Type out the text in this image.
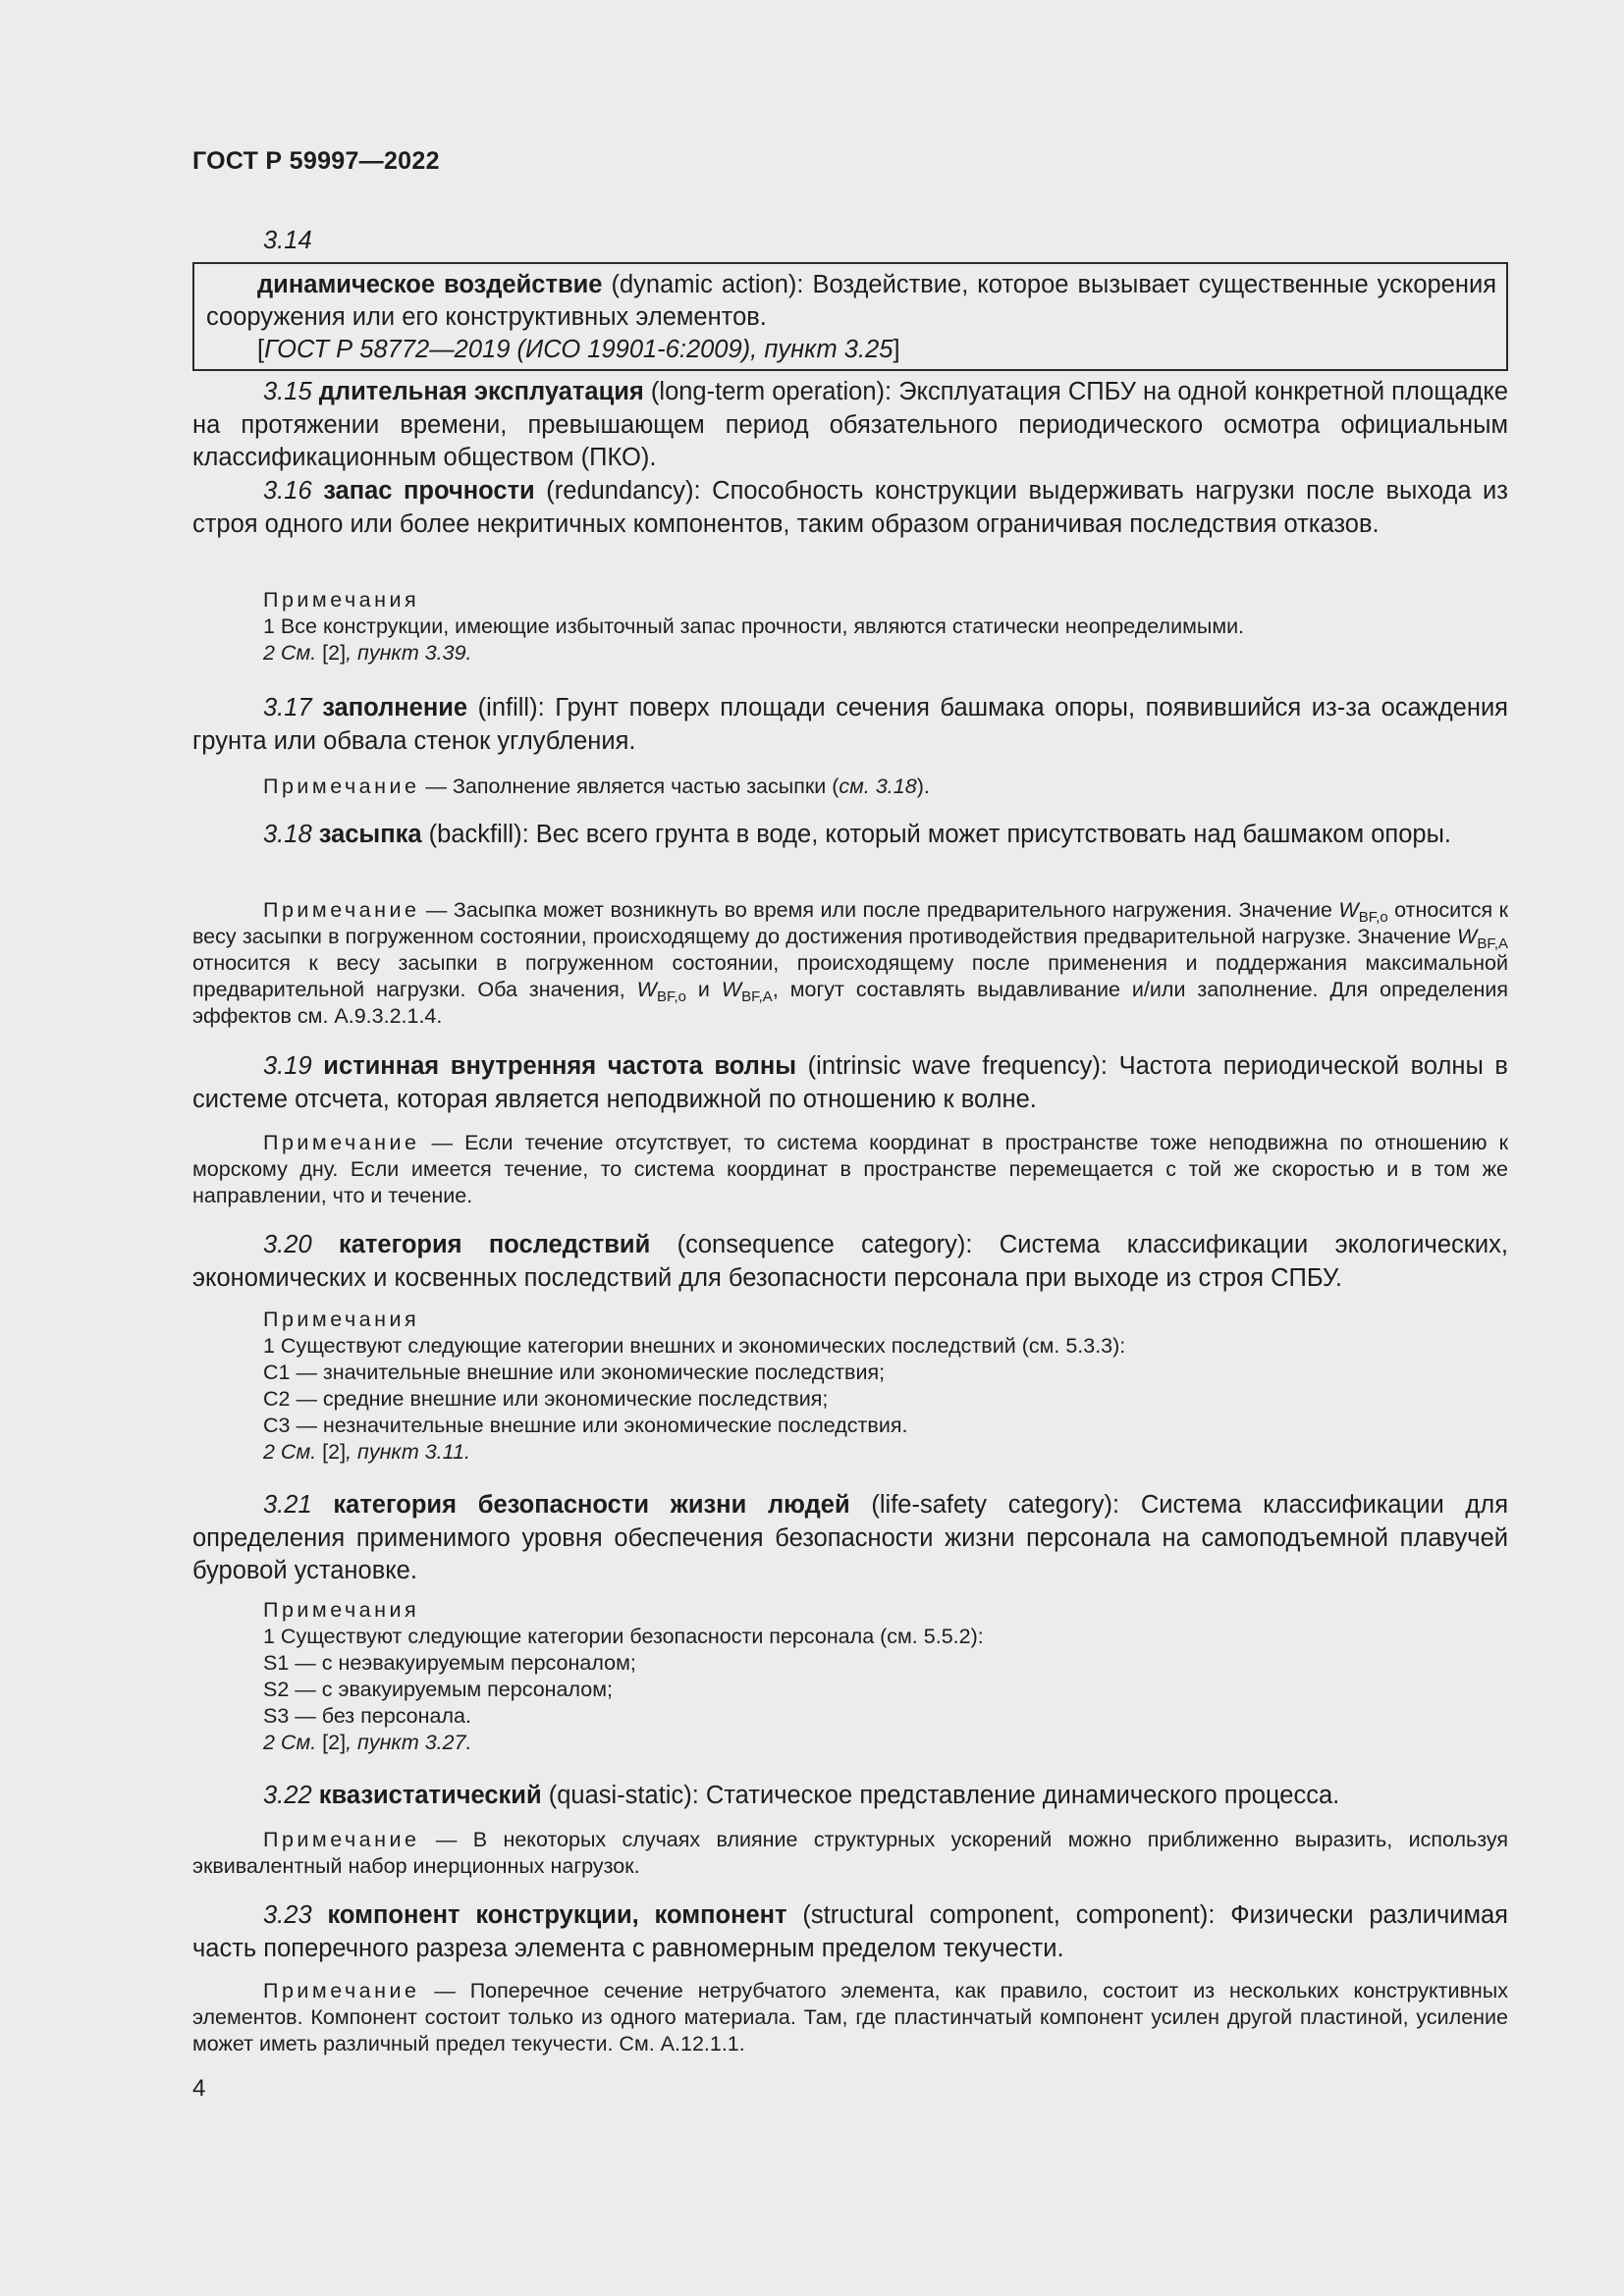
ГОСТ Р 59997—2022
3.14
динамическое воздействие (dynamic action): Воздействие, которое вызывает существенные ускорения сооружения или его конструктивных элементов.
[ГОСТ Р 58772—2019 (ИСО 19901-6:2009), пункт 3.25]
3.15 длительная эксплуатация (long-term operation): Эксплуатация СПБУ на одной конкретной площадке на протяжении времени, превышающем период обязательного периодического осмотра официальным классификационным обществом (ПКО).
3.16 запас прочности (redundancy): Способность конструкции выдерживать нагрузки после выхода из строя одного или более некритичных компонентов, таким образом ограничивая последствия отказов.
Примечания
1 Все конструкции, имеющие избыточный запас прочности, являются статически неопределимыми.
2 См. [2], пункт 3.39.
3.17 заполнение (infill): Грунт поверх площади сечения башмака опоры, появившийся из-за осаждения грунта или обвала стенок углубления.
Примечание — Заполнение является частью засыпки (см. 3.18).
3.18 засыпка (backfill): Вес всего грунта в воде, который может присутствовать над башмаком опоры.
Примечание — Засыпка может возникнуть во время или после предварительного нагружения. Значение $W_{BF,o}$ относится к весу засыпки в погруженном состоянии, происходящему до достижения противодействия предварительной нагрузке. Значение $W_{BF,A}$ относится к весу засыпки в погруженном состоянии, происходящему после применения и поддержания максимальной предварительной нагрузки. Оба значения, $W_{BF,o}$ и $W_{BF,A}$, могут составлять выдавливание и/или заполнение. Для определения эффектов см. А.9.3.2.1.4.
3.19 истинная внутренняя частота волны (intrinsic wave frequency): Частота периодической волны в системе отсчета, которая является неподвижной по отношению к волне.
Примечание — Если течение отсутствует, то система координат в пространстве тоже неподвижна по отношению к морскому дну. Если имеется течение, то система координат в пространстве перемещается с той же скоростью и в том же направлении, что и течение.
3.20 категория последствий (consequence category): Система классификации экологических, экономических и косвенных последствий для безопасности персонала при выходе из строя СПБУ.
Примечания
1 Существуют следующие категории внешних и экономических последствий (см. 5.3.3):
С1 — значительные внешние или экономические последствия;
С2 — средние внешние или экономические последствия;
С3 — незначительные внешние или экономические последствия.
2 См. [2], пункт 3.11.
3.21 категория безопасности жизни людей (life-safety category): Система классификации для определения применимого уровня обеспечения безопасности жизни персонала на самоподъемной плавучей буровой установке.
Примечания
1 Существуют следующие категории безопасности персонала (см. 5.5.2):
S1 — с неэвакуируемым персоналом;
S2 — с эвакуируемым персоналом;
S3 — без персонала.
2 См. [2], пункт 3.27.
3.22 квазистатический (quasi-static): Статическое представление динамического процесса.
Примечание — В некоторых случаях влияние структурных ускорений можно приближенно выразить, используя эквивалентный набор инерционных нагрузок.
3.23 компонент конструкции, компонент (structural component, component): Физически различимая часть поперечного разреза элемента с равномерным пределом текучести.
Примечание — Поперечное сечение нетрубчатого элемента, как правило, состоит из нескольких конструктивных элементов. Компонент состоит только из одного материала. Там, где пластинчатый компонент усилен другой пластиной, усиление может иметь различный предел текучести. См. А.12.1.1.
4
